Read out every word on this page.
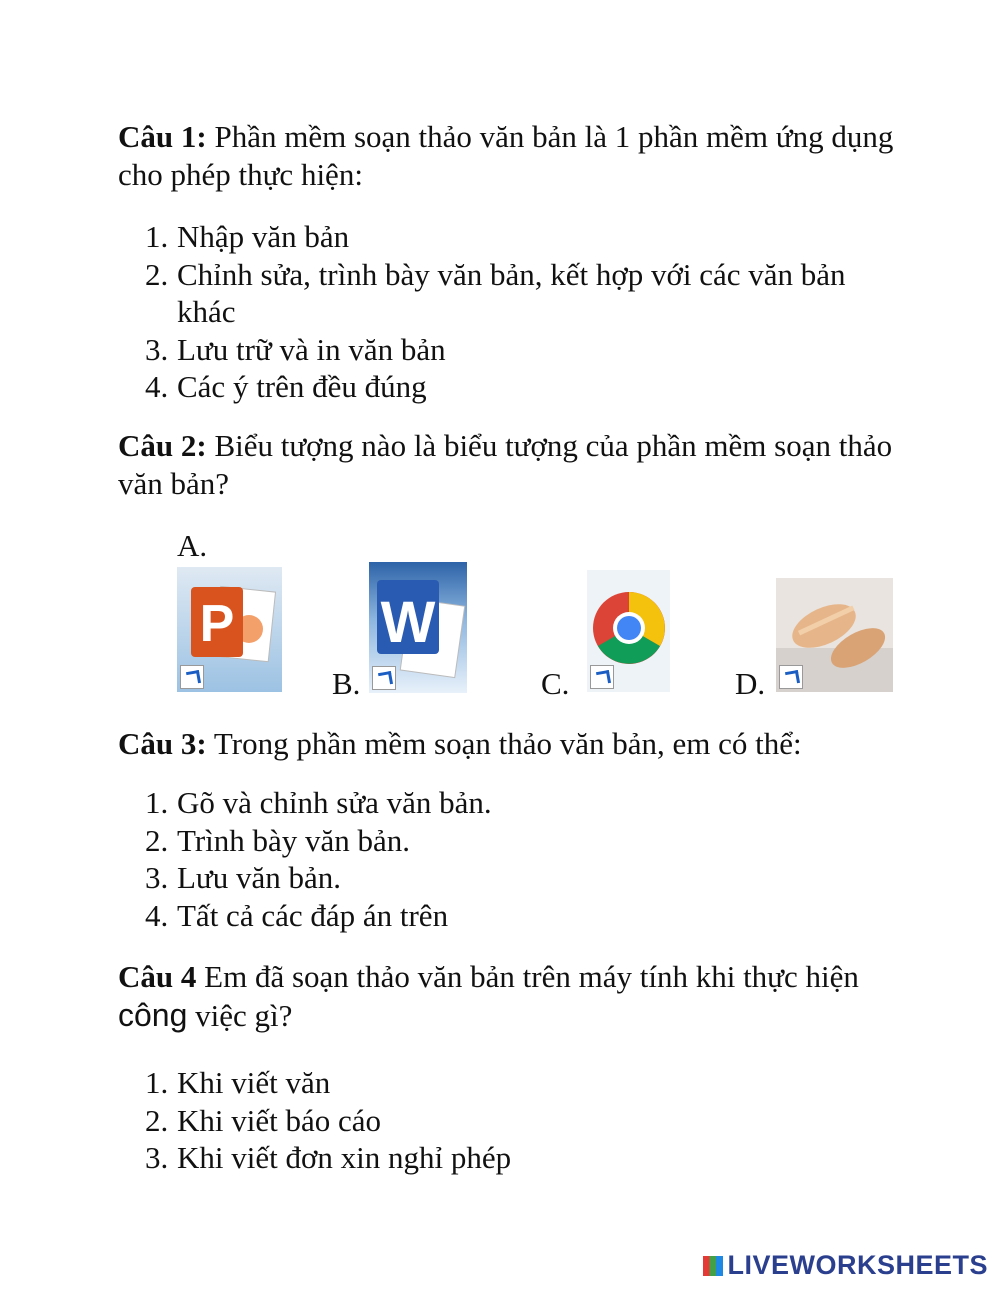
Câu 1: Phần mềm soạn thảo văn bản là 1 phần mềm ứng dụng cho phép thực hiện:

1. Nhập văn bản
2. Chỉnh sửa, trình bày văn bản, kết hợp với các văn bản khác
3. Lưu trữ và in văn bản
4. Các ý trên đều đúng

Câu 2: Biểu tượng nào là biểu tượng của phần mềm soạn thảo văn bản?

A.
P
B.
W
C.	D.

Câu 3: Trong phần mềm soạn thảo văn bản, em có thể:

1. Gõ và chỉnh sửa văn bản.
2. Trình bày văn bản.
3. Lưu văn bản.
4. Tất cả các đáp án trên

Câu 4 Em đã soạn thảo văn bản trên máy tính khi thực hiện công việc gì?

1. Khi viết văn
2. Khi viết báo cáo
3. Khi viết đơn xin nghỉ phép
LIVEWORKSHEETS
